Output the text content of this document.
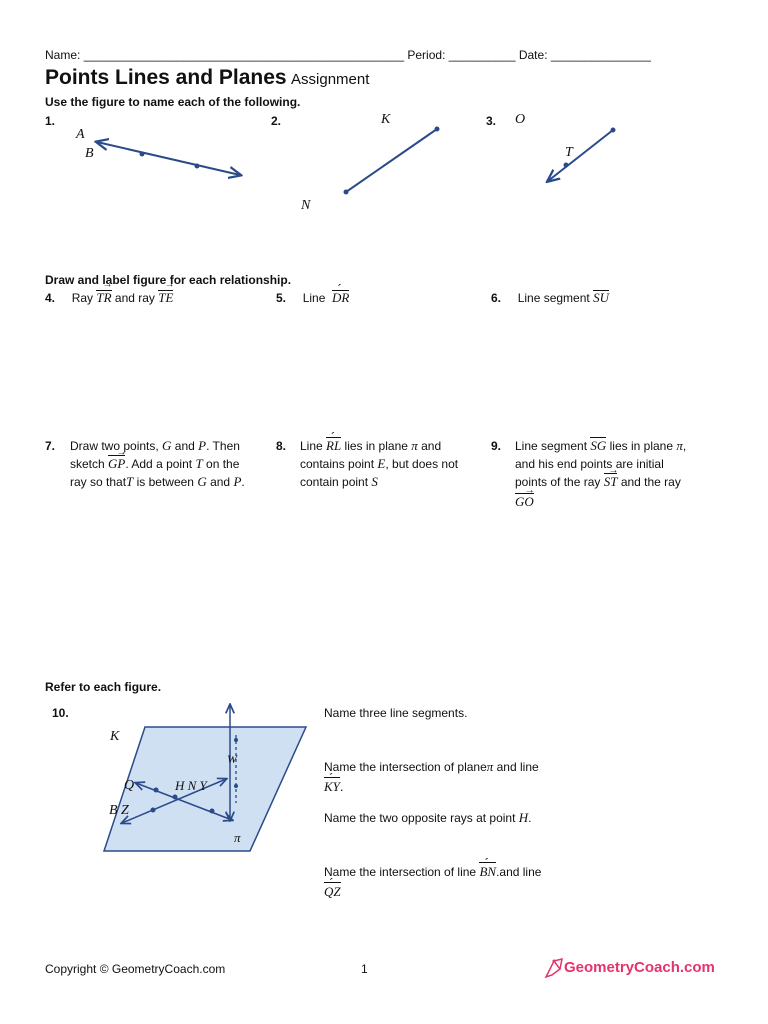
Name: ________________________________________________ Period: __________ Date: _______________
Points Lines and Planes Assignment
Use the figure to name each of the following.
1.	2.	3.
A
B
K
N
O
T
Draw and label figure for each relationship.
4. Ray TR → and ray TE →	5. Line DR ´	6. Line segment SU
7. Draw two points, G and P. Then
sketch GP →. Add a point T on the
ray so thatT is between G and P.
8. Line RL ´ lies in plane π and
contains point E, but does not
contain point S
9. Line segment SG lies in plane π,
and his end points are initial
points of the ray ST → and the ray
GO →
Refer to each figure.
10.
K
W
Q	H N Y
B Z
π
Name three line segments.
Name the intersection of planeπ and line
KY ´.
Name the two opposite rays at point H.
Name the intersection of line BN ´.and line
QZ ´
Copyright © GeometryCoach.com	1	GeometryCoach.com
